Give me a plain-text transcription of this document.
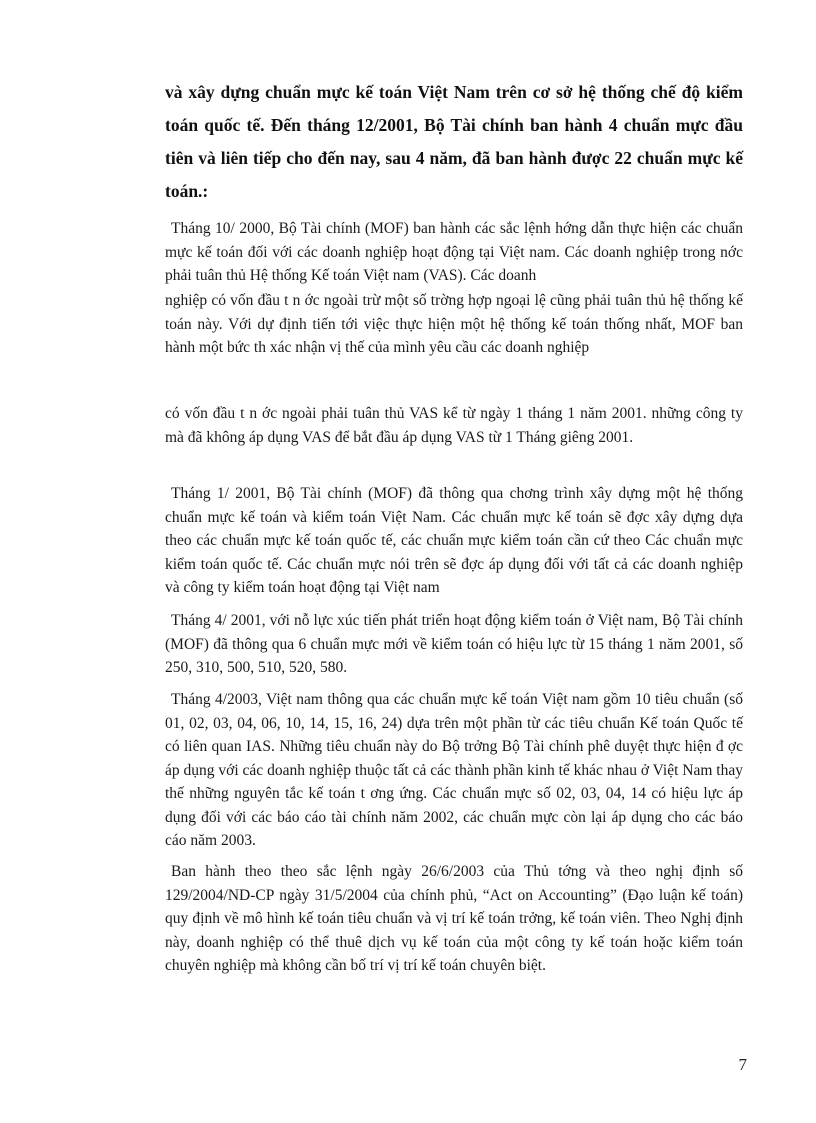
và xây dựng chuẩn mực kế toán Việt Nam trên cơ sở hệ thống chế độ kiểm toán quốc tế. Đến tháng 12/2001, Bộ Tài chính ban hành 4 chuẩn mực đầu tiên và liên tiếp cho đến nay, sau 4 năm, đã ban hành được 22 chuẩn mực kế toán.:

Tháng 10/ 2000, Bộ Tài chính (MOF) ban hành các sắc lệnh hớng dẫn thực hiện các chuẩn mực kế toán đối với các doanh nghiệp hoạt động tại Việt nam. Các doanh nghiệp trong nớc phải tuân thủ Hệ thống Kế toán Việt nam (VAS). Các doanh

nghiệp có vốn đầu t n ớc ngoài trừ một số trờng hợp ngoại lệ cũng phải tuân thủ hệ thống kế toán này. Với dự định tiến tới việc thực hiện một hệ thống kế toán thống nhất, MOF ban hành một bức th xác nhận vị thế của mình yêu cầu các doanh nghiệp

có vốn đầu t n ớc ngoài phải tuân thủ VAS kể từ ngày 1 tháng 1 năm 2001. những công ty mà đã không áp dụng VAS để bắt đầu áp dụng VAS từ 1 Tháng giêng 2001.

Tháng 1/ 2001, Bộ Tài chính (MOF) đã thông qua chơng trình xây dựng một hệ thống chuẩn mực kế toán và kiểm toán Việt Nam. Các chuẩn mực kế toán sẽ đợc xây dựng dựa theo các chuẩn mực kế toán quốc tế, các chuẩn mực kiểm toán cần cứ theo Các chuẩn mực kiểm toán quốc tế. Các chuẩn mực nói trên sẽ đợc áp dụng đối với tất cả các doanh nghiệp và công ty kiểm toán hoạt động tại Việt nam

Tháng 4/ 2001, với nỗ lực xúc tiến phát triển hoạt động kiểm toán ở Việt nam, Bộ Tài chính (MOF) đã thông qua 6 chuẩn mực mới về kiểm toán có hiệu lực từ 15 tháng 1 năm 2001, số 250, 310, 500, 510, 520, 580.

Tháng 4/2003, Việt nam thông qua các chuẩn mực kế toán Việt nam gồm 10 tiêu chuẩn (số 01, 02, 03, 04, 06, 10, 14, 15, 16, 24) dựa trên một phần từ các tiêu chuẩn Kế toán Quốc tế có liên quan IAS. Những tiêu chuẩn này do Bộ trởng Bộ Tài chính phê duyệt thực hiện đ ợc áp dụng với các doanh nghiệp thuộc tất cả các thành phần kinh tế khác nhau ở Việt Nam thay thế những nguyên tắc kế toán t ơng ứng. Các chuẩn mực số 02, 03, 04, 14 có hiệu lực áp dụng đối với các báo cáo tài chính năm 2002, các chuẩn mực còn lại áp dụng cho các báo cáo năm 2003.

Ban hành theo theo sắc lệnh ngày 26/6/2003 của Thủ tớng và theo nghị định số 129/2004/ND-CP ngày 31/5/2004 của chính phủ, “Act on Accounting” (Đạo luận kế toán) quy định về mô hình kế toán tiêu chuẩn và vị trí kế toán trởng, kế toán viên. Theo Nghị định này, doanh nghiệp có thể thuê dịch vụ kế toán của một công ty kế toán hoặc kiểm toán chuyên nghiệp mà không cần bố trí vị trí kế toán chuyên biệt.

7
